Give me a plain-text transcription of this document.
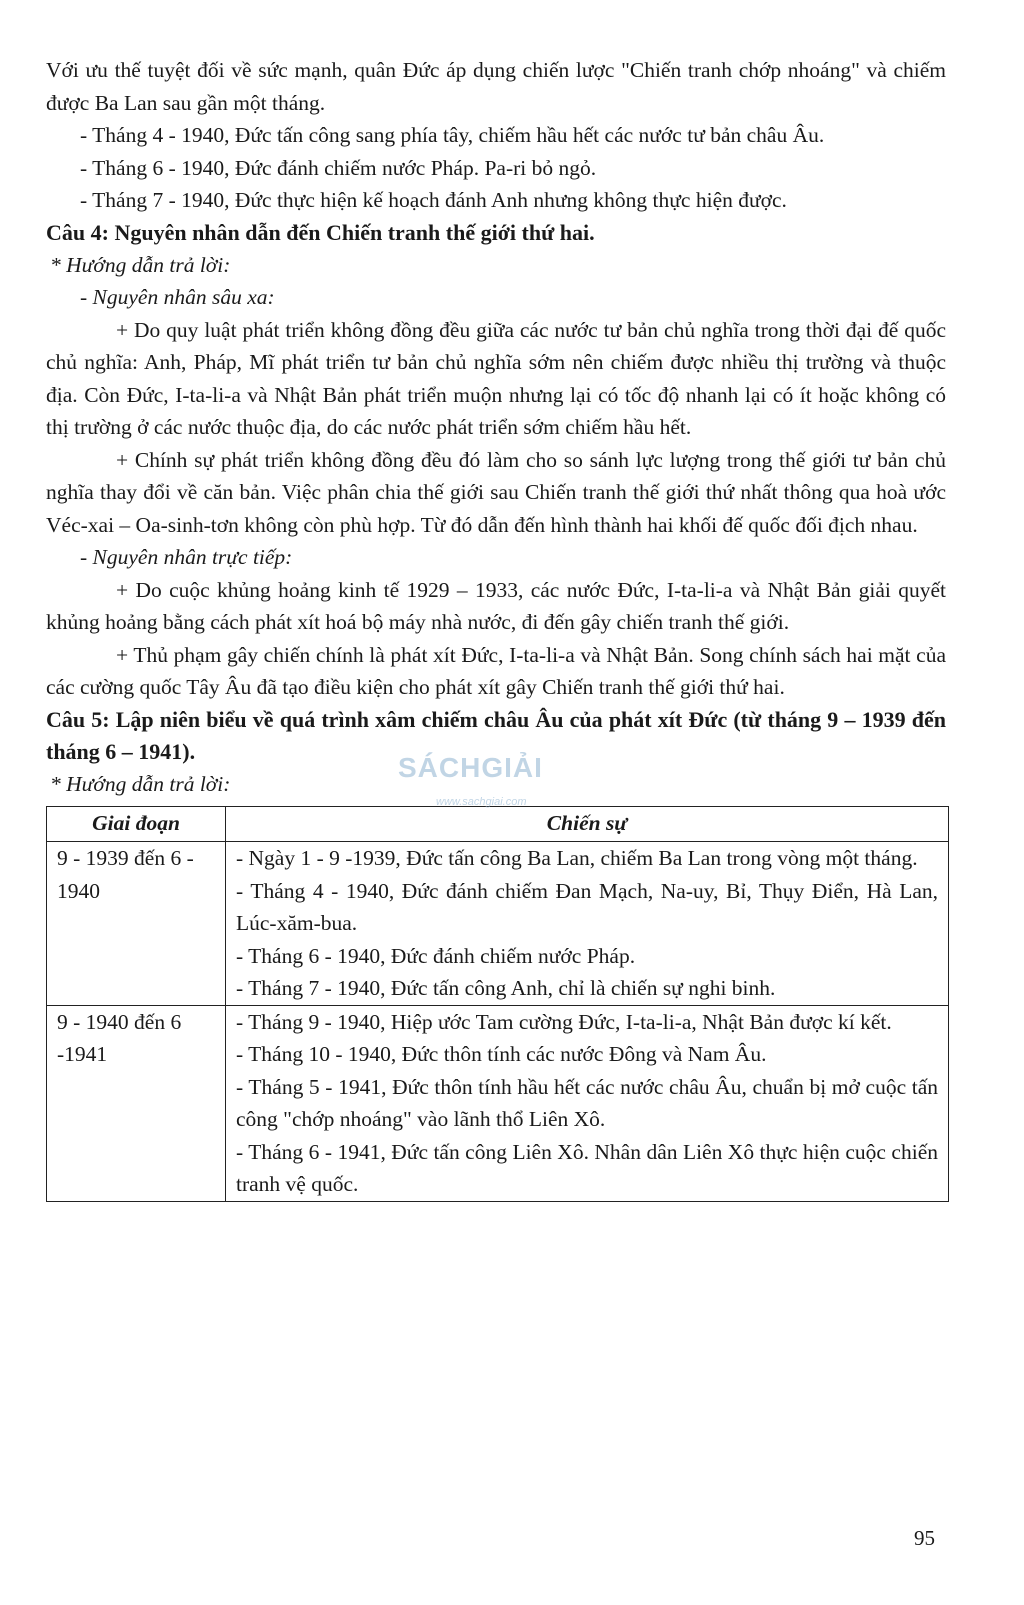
Với ưu thế tuyệt đối về sức mạnh, quân Đức áp dụng chiến lược "Chiến tranh chớp nhoáng" và chiếm được Ba Lan sau gần một tháng.

- Tháng 4 - 1940, Đức tấn công sang phía tây, chiếm hầu hết các nước tư bản châu Âu.

- Tháng 6 - 1940, Đức đánh chiếm nước Pháp. Pa-ri bỏ ngỏ.

- Tháng 7 - 1940, Đức thực hiện kế hoạch đánh Anh nhưng không thực hiện được.

Câu 4: Nguyên nhân dẫn đến Chiến tranh thế giới thứ hai.

* Hướng dẫn trả lời:

- Nguyên nhân sâu xa:

+ Do quy luật phát triển không đồng đều giữa các nước tư bản chủ nghĩa trong thời đại đế quốc chủ nghĩa: Anh, Pháp, Mĩ phát triển tư bản chủ nghĩa sớm nên chiếm được nhiều thị trường và thuộc địa. Còn Đức, I-ta-li-a và Nhật Bản phát triển muộn nhưng lại có tốc độ nhanh lại có ít hoặc không có thị trường ở các nước thuộc địa, do các nước phát triển sớm chiếm hầu hết.

+ Chính sự phát triển không đồng đều đó làm cho so sánh lực lượng trong thế giới tư bản chủ nghĩa thay đổi về căn bản. Việc phân chia thế giới sau Chiến tranh thế giới thứ nhất thông qua hoà ước Véc-xai – Oa-sinh-tơn không còn phù hợp. Từ đó dẫn đến hình thành hai khối đế quốc đối địch nhau.

- Nguyên nhân trực tiếp:

+ Do cuộc khủng hoảng kinh tế 1929 – 1933, các nước Đức, I-ta-li-a và Nhật Bản giải quyết khủng hoảng bằng cách phát xít hoá bộ máy nhà nước, đi đến gây chiến tranh thế giới.

+ Thủ phạm gây chiến chính là phát xít Đức, I-ta-li-a và Nhật Bản. Song chính sách hai mặt của các cường quốc Tây Âu đã tạo điều kiện cho phát xít gây Chiến tranh thế giới thứ hai.

Câu 5: Lập niên biểu về quá trình xâm chiếm châu Âu của phát xít Đức (từ tháng 9 – 1939 đến tháng 6 – 1941).

* Hướng dẫn trả lời:

Giai đoạn	Chiến sự
9 - 1939 đến 6 - 1940	- Ngày 1 - 9 -1939, Đức tấn công Ba Lan, chiếm Ba Lan trong vòng một tháng.
- Tháng 4 - 1940, Đức đánh chiếm Đan Mạch, Na-uy, Bỉ, Thụy Điển, Hà Lan, Lúc-xăm-bua.
- Tháng 6 - 1940, Đức đánh chiếm nước Pháp.
- Tháng 7 - 1940, Đức tấn công Anh, chỉ là chiến sự nghi binh.

9 - 1940 đến 6 -1941	- Tháng 9 - 1940, Hiệp ước Tam cường Đức, I-ta-li-a, Nhật Bản được kí kết.
- Tháng 10 - 1940, Đức thôn tính các nước Đông và Nam Âu.
- Tháng 5 - 1941, Đức thôn tính hầu hết các nước châu Âu, chuẩn bị mở cuộc tấn công "chớp nhoáng" vào lãnh thổ Liên Xô.
- Tháng 6 - 1941, Đức tấn công Liên Xô. Nhân dân Liên Xô thực hiện cuộc chiến tranh vệ quốc.
SÁCHGIẢI
www.sachgiai.com
95
